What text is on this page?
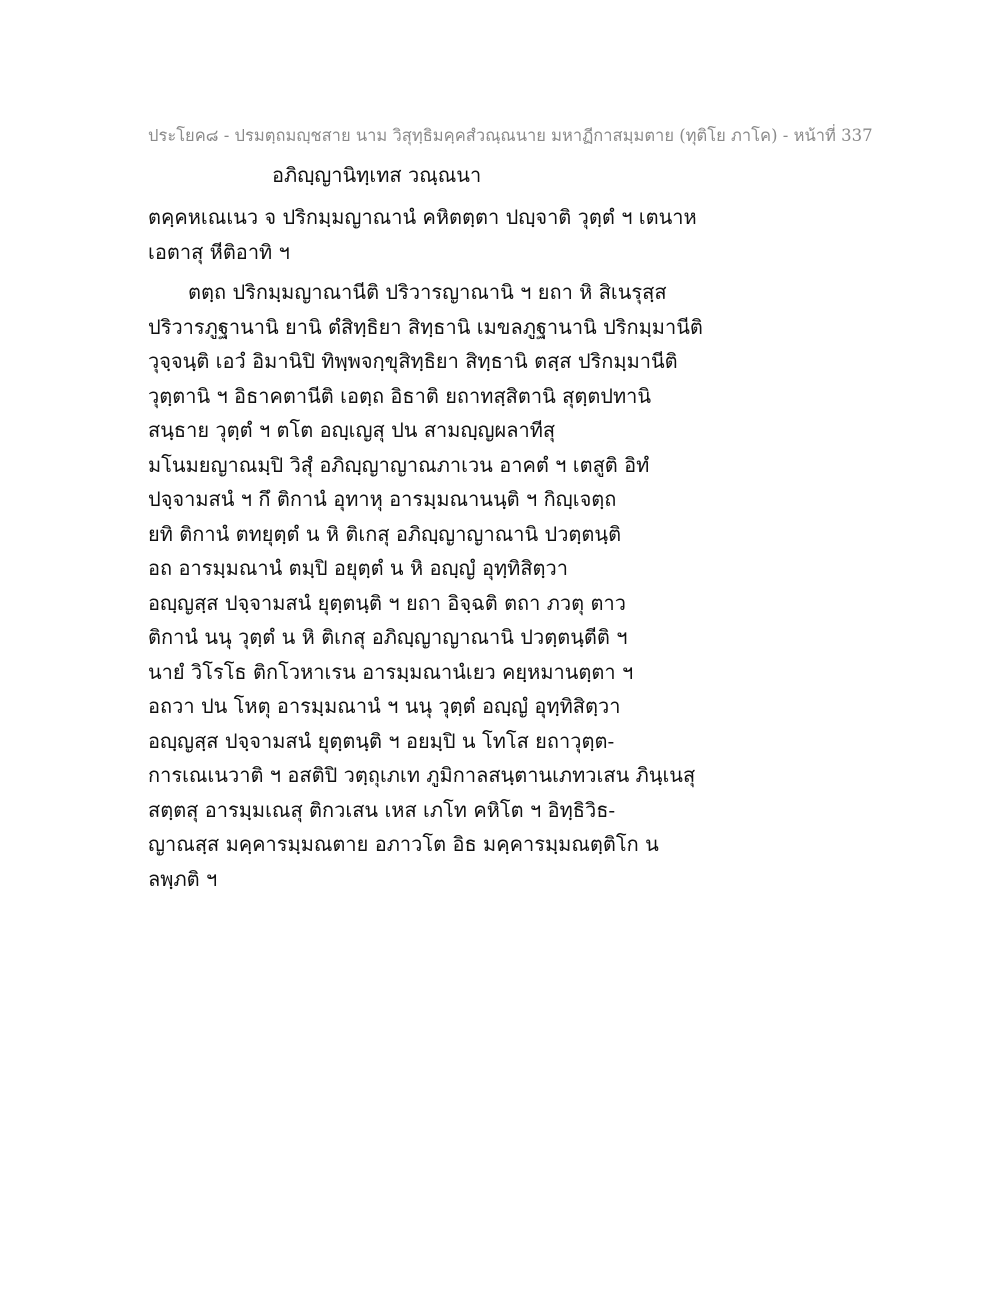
ประโยค๘ - ปรมตฺถมญฺชสาย นาม วิสุทฺธิมคฺคสํวณฺณนาย มหาฏีกาสมฺมตาย (ทุติโย ภาโค) - หน้าที่ 337
อภิญฺญานิทฺเทส วณฺณนา
ตคฺคหเณเนว จ ปริกมฺมญาณานํ คหิตตฺตา ปญฺจาติ วุตฺตํ ฯ เตนาห
เอตาสุ หีติอาทิ ฯ
ตตฺถ ปริกมฺมญาณานีติ ปริวารญาณานิ ฯ ยถา หิ สิเนรุสฺส
ปริวารภูฐานานิ ยานิ ตํสิทฺธิยา สิทฺธานิ เมขลภูฐานานิ ปริกมฺมานีติ
วุจฺจนฺติ เอวํ อิมานิปิ ทิพฺพจกฺขุสิทฺธิยา สิทฺธานิ ตสฺส ปริกมฺมานีติ
วุตฺตานิ ฯ อิธาคตานีติ เอตฺถ อิธาติ ยถาทสฺสิตานิ สุตฺตปทานิ
สนฺธาย วุตฺตํ ฯ ตโต อญฺเญสุ ปน สามญฺญผลาทีสุ
มโนมยญาณมฺปิ วิสุํ อภิญฺญาญาณภาเวน อาคตํ ฯ เตสูติ อิทํ
ปจฺจามสนํ ฯ กึ ติกานํ อุทาหุ อารมฺมณานนฺติ ฯ กิญฺเจตฺถ
ยทิ ติกานํ ตทยุตฺตํ น หิ ติเกสุ อภิญฺญาญาณานิ ปวตฺตนฺติ
อถ อารมฺมณานํ ตมฺปิ อยุตฺตํ น หิ อญฺญํ อุทฺทิสิตฺวา
อญฺญสฺส ปจฺจามสนํ ยุตฺตนฺติ ฯ ยถา อิจฺฉติ ตถา ภวตุ ตาว
ติกานํ นนุ วุตฺตํ น หิ ติเกสุ อภิญฺญาญาณานิ ปวตฺตนฺตีติ ฯ
นายํ วิโรโธ ติกโวหาเรน อารมฺมณานํเยว คยฺหมานตฺตา ฯ
อถวา ปน โหตุ อารมฺมณานํ ฯ นนุ วุตฺตํ อญฺญํ อุทฺทิสิตฺวา
อญฺญสฺส ปจฺจามสนํ ยุตฺตนฺติ ฯ อยมฺปิ น โทโส ยถาวุตฺต-
การเณเนวาติ ฯ อสติปิ วตฺถุเภเท ภูมิกาลสนฺตานเภทวเสน ภินฺเนสุ
สตฺตสุ อารมฺมเณสุ ติกวเสน เหส เภโท คหิโต ฯ อิทฺธิวิธ-
ญาณสฺส มคฺคารมฺมณตาย อภาวโต อิธ มคฺคารมฺมณตฺติโก น
ลพฺภติ ฯ
